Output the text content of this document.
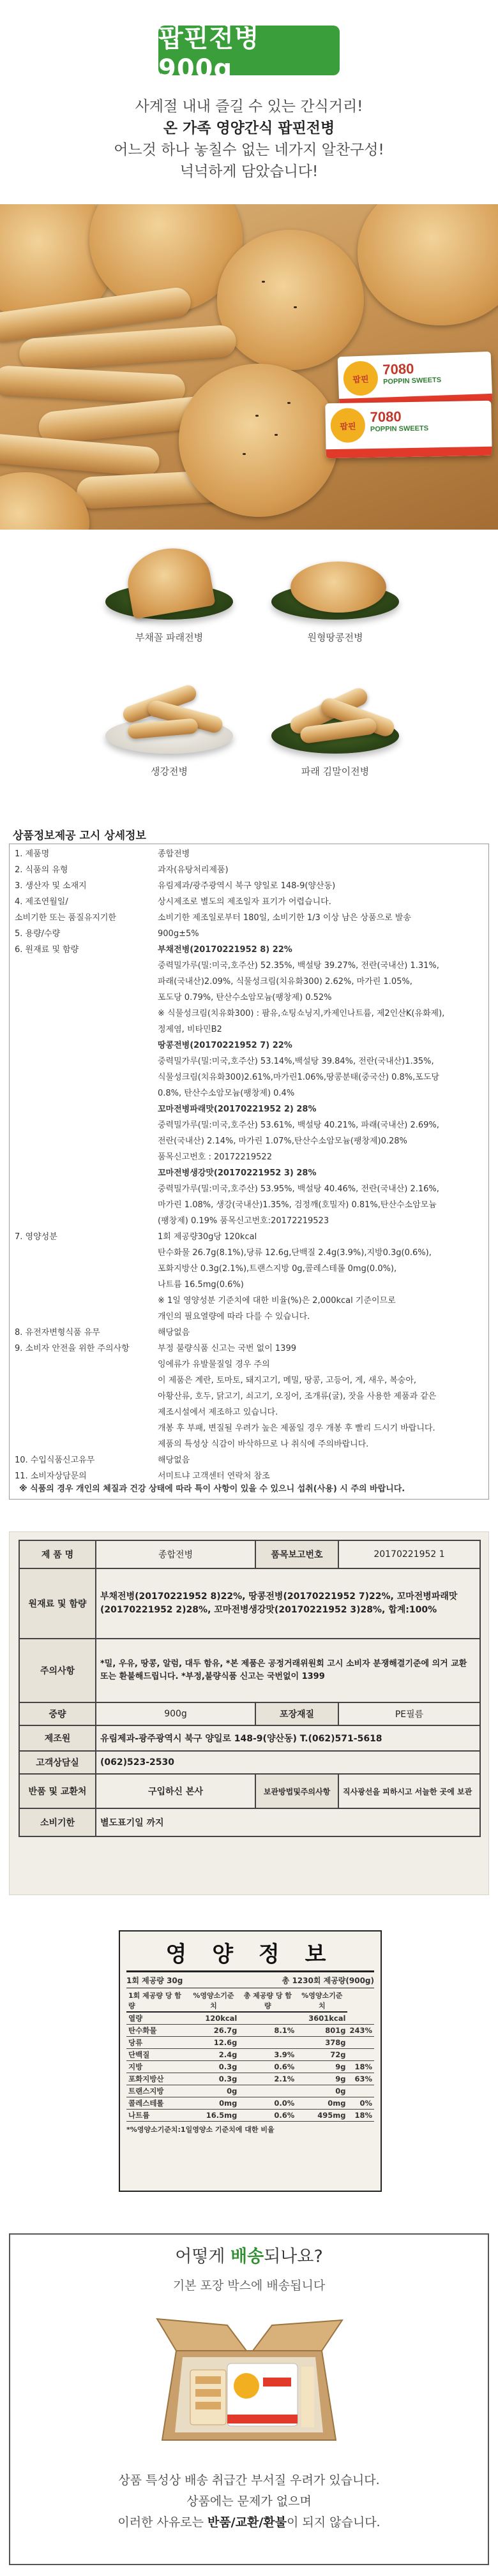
팝핀전병 900g

사계절 내내 즐길 수 있는 간식거리!

온 가족 영양간식 팝핀전병

어느것 하나 놓칠수 없는 네가지 알찬구성!

넉넉하게 담았습니다!

팝핀
7080
POPPIN SWEETS
팝핀
7080
POPPIN SWEETS
부채꼴 파래전병	원형땅콩전병
생강전병	파래 김말이전병
상품정보제공 고시 상세정보
1. 제품명	종합전병
2. 식품의 유형	과자(유탕처리제품)
3. 생산자 및 소재지	유림제과/광주광역시 북구 양일로 148-9(양산동)
4. 제조연월일/	상시제조로 별도의 제조일자 표기가 어렵습니다.
소비기한 또는 품질유지기한	소비기한 제조일로부터 180일, 소비기한 1/3 이상 남은 상품으로 발송
5. 용량/수량	900g±5%
6. 원재료 및 함량	부채전병(20170221952 8) 22%
중력밀가루(밀:미국,호주산) 52.35%, 백설탕 39.27%, 전란(국내산) 1.31%,
파래(국내산)2.09%, 식물성크림(치유화300) 2.62%, 마가린 1.05%,
포도당 0.79%, 탄산수소암모늄(팽창제) 0.52%
※ 식물성크림(치유화300) : 팜유,쇼팅쇼닝지,카제인나트륨, 제2인산K(유화제),
정제염, 비타민B2
땅콩전병(20170221952 7) 22%
중력밀가루(밀:미국,호주산) 53.14%,백설탕 39.84%, 전란(국내산)1.35%,
식물성크림(치유화300)2.61%,마가린1.06%,땅콩분태(중국산) 0.8%,포도당
0.8%, 탄산수소암모늄(팽창제) 0.4%
꼬마전병파래맛(20170221952 2) 28%
중력밀가루(밀:미국,호주산) 53.61%, 백설탕 40.21%, 파래(국내산) 2.69%,
전란(국내산) 2.14%, 마가린 1.07%,탄산수소암모늄(팽창제)0.28%
품목신고번호 : 20172219522
꼬마전병생강맛(20170221952 3) 28%
중력밀가루(밀:미국,호주산) 53.95%, 백설탕 40.46%, 전란(국내산) 2.16%,
마가린 1.08%, 생강(국내산)1.35%, 검정깨(호밀자) 0.81%,탄산수소암모늄
(팽창제) 0.19% 품목신고번호:20172219523
7. 영양성분	1회 제공량30g당 120kcal
탄수화물 26.7g(8.1%),당류 12.6g,단백질 2.4g(3.9%),지방0.3g(0.6%),
포화지방산 0.3g(2.1%),트랜스지방 0g,콜레스테롤 0mg(0.0%),
나트륨 16.5mg(0.6%)
※ 1일 영양성분 기준치에 대한 비율(%)은 2,000kcal 기준이므로
개인의 필요열량에 따라 다를 수 있습니다.
8. 유전자변형식품 유무	해당없음
9. 소비자 안전을 위한 주의사항	부정 불량식품 신고는 국번 없이 1399
잉에류가 유발물질일 경우 주의
이 제품은 계란, 토마토, 돼지고기, 메밀, 땅콩, 고등어, 게, 새우, 복숭아,
아황산류, 호두, 닭고기, 쇠고기, 오징어, 조개류(굴), 잣을 사용한 제품과 같은
제조시설에서 제조하고 있습니다.
개봉 후 부패, 변질될 우려가 높은 제품일 경우 개봉 후 빨리 드시기 바랍니다.
제품의 특성상 식감이 바삭하므로 나 취식에 주의바랍니다.
10. 수입식품신고유무	해당없음
11. 소비자상담문의	서미트냐 고객센터 연락처 참조
※ 식품의 경우 개인의 체질과 건강 상태에 따라 특이 사항이 있을 수 있으니 섭취(사용) 시 주의 바랍니다.
제 품 명	종합전병	품목보고번호	20170221952 1
원재료 및 함량	부채전병(20170221952 8)22%, 땅콩전병(20170221952 7)22%, 꼬마전병파래맛(20170221952 2)28%, 꼬마전병생강맛(20170221952 3)28%, 합계:100%		
주의사항	*밀, 우유, 땅콩, 알럼, 대두 함유, *본 제품은 공정거래위원회 고시 소비자 분쟁해결기준에 의거 교환 또는 환불해드립니다. *부정,불량식품 신고는 국번없이 1399		
중량	900g	포장재질	PE필름
제조원	유림제과-광주광역시 북구 양일로 148-9(양산동) T.(062)571-5618		
고객상담실	(062)523-2530		
반품 및 교환처	구입하신 본사	보관방법및주의사항	직사광선을 피하시고 서늘한 곳에 보관
소비기한	별도표기일 까지		
영 양 정 보
1회 제공량 30g	총 1230회 제공량(900g)
1회 제공량 당 함량	%영양소기준치	총 제공량 당 함량	%영양소기준치	
열량	120kcal		3601kcal	
탄수화물	26.7g	8.1%	801g	243%
당류	12.6g		378g	
단백질	2.4g	3.9%	72g	
지방	0.3g	0.6%	9g	18%
포화지방산	0.3g	2.1%	9g	63%
트랜스지방	0g		0g	
콜레스테롤	0mg	0.0%	0mg	0%
나트륨	16.5mg	0.6%	495mg	18%
*%영양소기준치:1일영양소 기준치에 대한 비율
어떻게 배송되나요?
기본 포장 박스에 배송됩니다
상품 특성상 배송 취급간 부서질 우려가 있습니다.
상품에는 문제가 없으며
이러한 사유로는 반품/교환/환불이 되지 않습니다.
